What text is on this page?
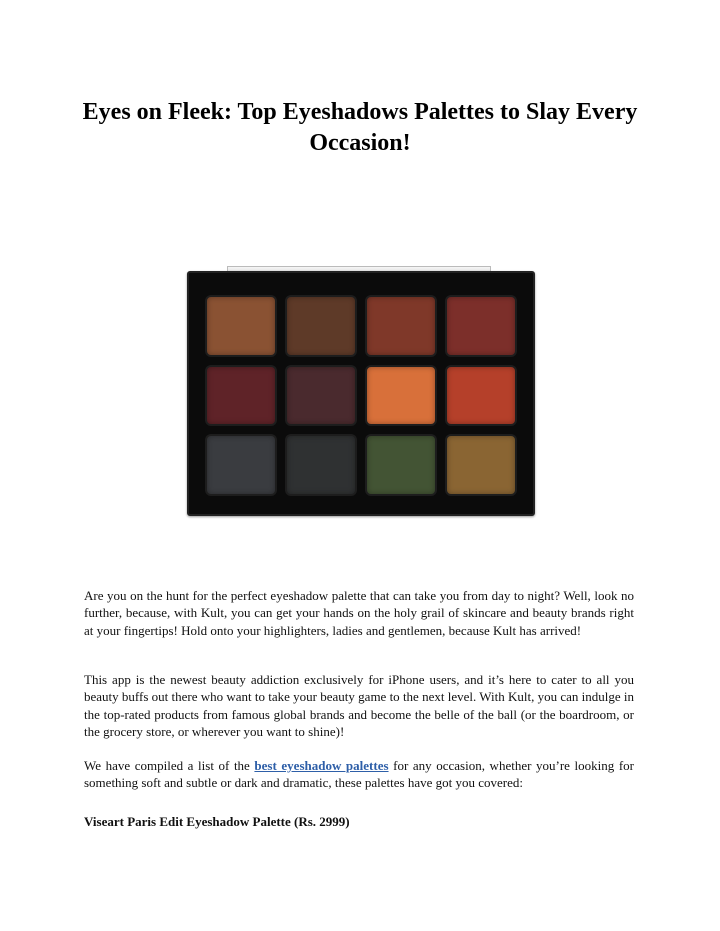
Eyes on Fleek: Top Eyeshadows Palettes to Slay Every Occasion!

Are you on the hunt for the perfect eyeshadow palette that can take you from day to night? Well, look no further, because, with Kult, you can get your hands on the holy grail of skincare and beauty brands right at your fingertips! Hold onto your highlighters, ladies and gentlemen, because Kult has arrived!

This app is the newest beauty addiction exclusively for iPhone users, and it’s here to cater to all you beauty buffs out there who want to take your beauty game to the next level. With Kult, you can indulge in the top-rated products from famous global brands and become the belle of the ball (or the boardroom, or the grocery store, or wherever you want to shine)!

We have compiled a list of the best eyeshadow palettes for any occasion, whether you’re looking for something soft and subtle or dark and dramatic, these palettes have got you covered:

Viseart Paris Edit Eyeshadow Palette (Rs. 2999)
